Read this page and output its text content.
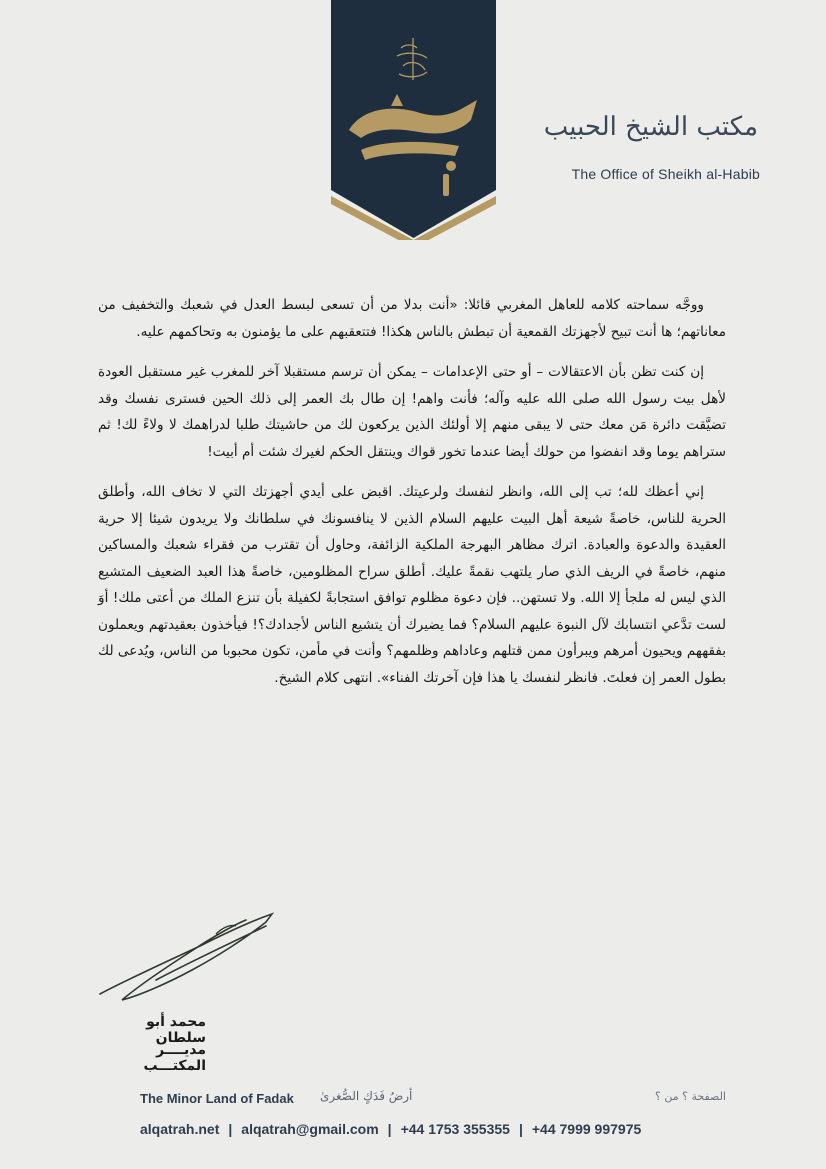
مكتب الشيخ الحبيب
The Office of Sheikh al-Habib

ووجَّه سماحته كلامه للعاهل المغربي قائلا: «أنت بدلا من أن تسعى لبسط العدل في شعبك والتخفيف من معاناتهم؛ ها أنت تبيح لأجهزتك القمعية أن تبطش بالناس هكذا! فتتعقبهم على ما يؤمنون به وتحاكمهم عليه.

إن كنت تظن بأن الاعتقالات – أو حتى الإعدامات – يمكن أن ترسم مستقبلا آخر للمغرب غير مستقبل العودة لأهل بيت رسول الله صلى الله عليه وآله؛ فأنت واهم! إن طال بك العمر إلى ذلك الحين فسترى نفسك وقد تضيَّقت دائرة مَن معك حتى لا يبقى منهم إلا أولئك الذين يركعون لك من حاشيتك طلبا لدراهمك لا ولاءً لك! ثم ستراهم يوما وقد انفضوا من حولك أيضا عندما تخور قواك وينتقل الحكم لغيرك شئت أم أبيت!

إني أعظك لله؛ تب إلى الله، وانظر لنفسك ولرعيتك. اقبض على أيدي أجهزتك التي لا تخاف الله، وأطلق الحرية للناس، خاصةً شيعة أهل البيت عليهم السلام الذين لا ينافسونك في سلطانك ولا يريدون شيئا إلا حرية العقيدة والدعوة والعبادة. اترك مظاهر البهرجة الملكية الزائفة، وحاول أن تقترب من فقراء شعبك والمساكين منهم، خاصةً في الريف الذي صار يلتهب نقمةً عليك. أطلق سراح المظلومين، خاصةً هذا العبد الضعيف المتشيع الذي ليس له ملجأ إلا الله. ولا تستهن.. فإن دعوة مظلوم توافق استجابةً لكفيلة بأن تنزع الملك من أعتى ملك! أوَ لست تدَّعي انتسابك لآل النبوة عليهم السلام؟ فما يضيرك أن يتشيع الناس لأجدادك؟! فيأخذون بعقيدتهم ويعملون بفقههم ويحيون أمرهم ويبرأون ممن قتلهم وعاداهم وظلمهم؟ وأنت في مأمن، تكون محبوبا من الناس، ويُدعى لك بطول العمر إن فعلتَ. فانظر لنفسك يا هذا فإن آخرتك الفناء». انتهى كلام الشيخ.

محمد أبو سلطان
مديــــر المكتـــب
The Minor Land of Fadak أرضُ فَدَكٍ الصُّغرىٰ	الصفحة ؟ من ؟
alqatrah.net | alqatrah@gmail.com | +44 1753 355355 | +44 7999 997975
